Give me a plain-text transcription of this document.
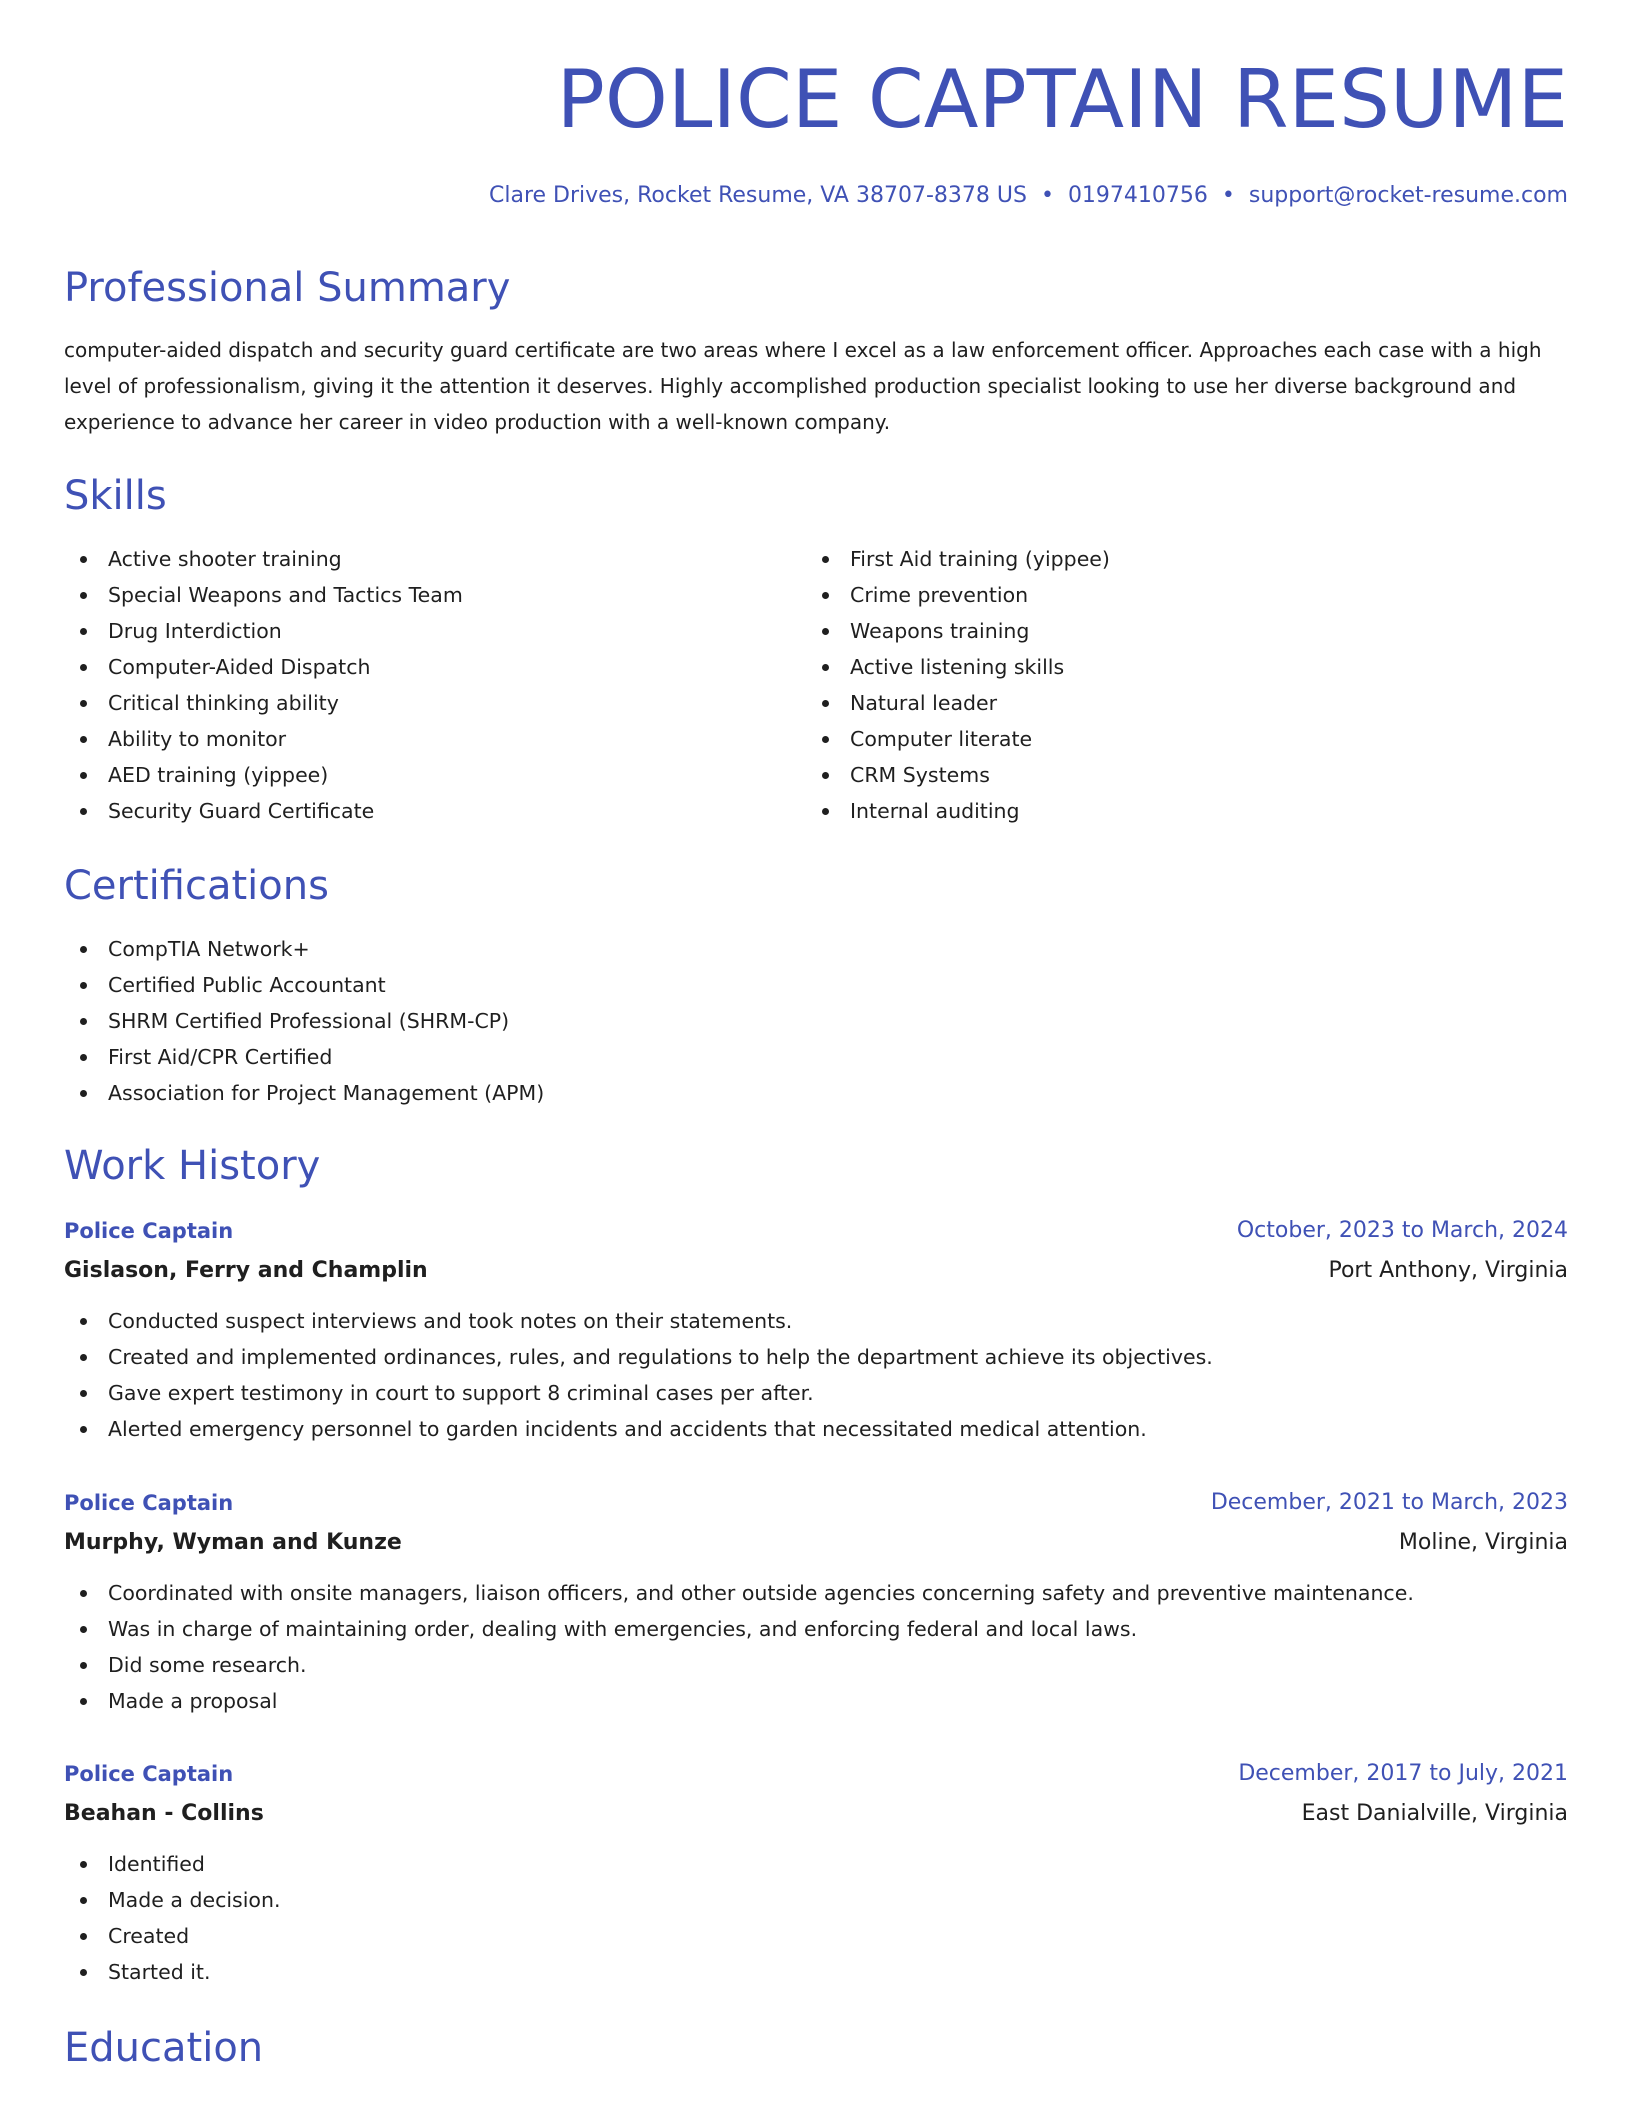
POLICE CAPTAIN RESUME
Clare Drives, Rocket Resume, VA 38707-8378 US • 0197410756 • support@rocket-resume.com
Professional Summary

computer-aided dispatch and security guard certificate are two areas where I excel as a law enforcement officer. Approaches each case with a high level of professionalism, giving it the attention it deserves. Highly accomplished production specialist looking to use her diverse background and experience to advance her career in video production with a well-known company.

Skills
Active shooter training
Special Weapons and Tactics Team
Drug Interdiction
Computer-Aided Dispatch
Critical thinking ability
Ability to monitor
AED training (yippee)
Security Guard Certificate
First Aid training (yippee)
Crime prevention
Weapons training
Active listening skills
Natural leader
Computer literate
CRM Systems
Internal auditing
Certifications
CompTIA Network+
Certified Public Accountant
SHRM Certified Professional (SHRM-CP)
First Aid/CPR Certified
Association for Project Management (APM)
Work History
Police Captain	October, 2023 to March, 2024
Gislason, Ferry and Champlin	Port Anthony, Virginia
Conducted suspect interviews and took notes on their statements.
Created and implemented ordinances, rules, and regulations to help the department achieve its objectives.
Gave expert testimony in court to support 8 criminal cases per after.
Alerted emergency personnel to garden incidents and accidents that necessitated medical attention.
Police Captain	December, 2021 to March, 2023
Murphy, Wyman and Kunze	Moline, Virginia
Coordinated with onsite managers, liaison officers, and other outside agencies concerning safety and preventive maintenance.
Was in charge of maintaining order, dealing with emergencies, and enforcing federal and local laws.
Did some research.
Made a proposal
Police Captain	December, 2017 to July, 2021
Beahan - Collins	East Danialville, Virginia
Identified
Made a decision.
Created
Started it.
Education
